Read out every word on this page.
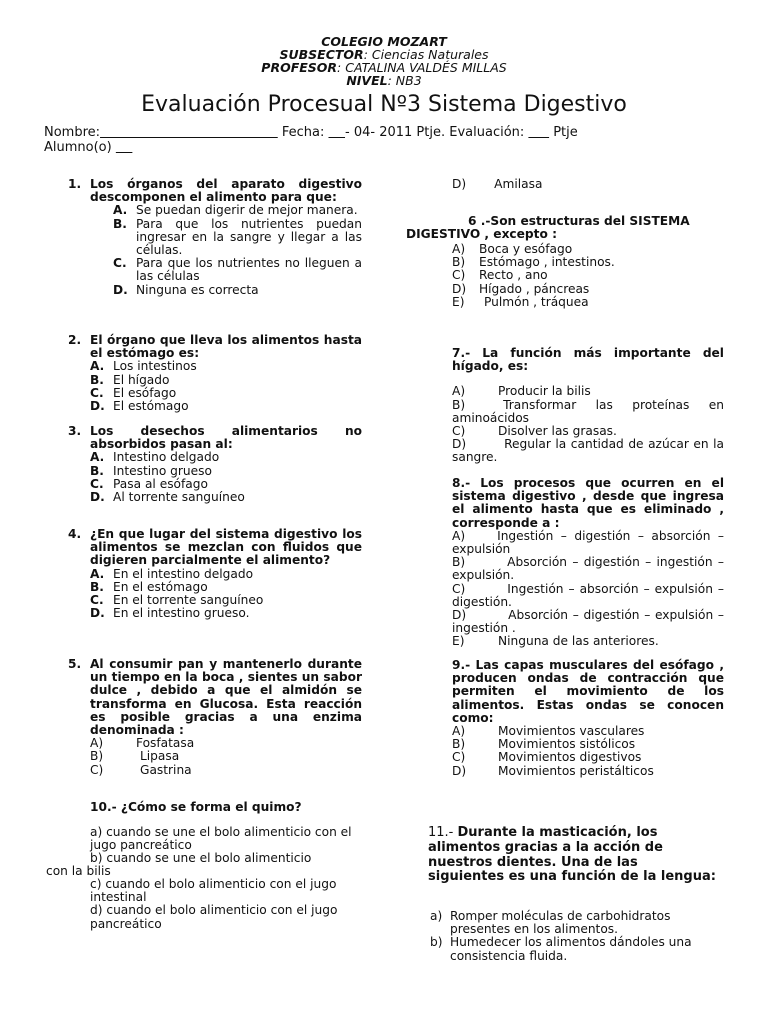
COLEGIO MOZART
SUBSECTOR: Ciencias Naturales
PROFESOR: CATALINA VALDÉS MILLAS
NIVEL: NB3
Evaluación Procesual Nº3 Sistema Digestivo
Nombre:	Fecha:     - 04- 2011 Ptje. Evaluación:       Ptje
Alumno(o)
1. Los órganos del aparato digestivo descomponen el alimento para que:
A. Se puedan digerir de mejor manera.
B. Para que los nutrientes puedan ingresar en la sangre y llegar a las células.
C. Para que los nutrientes no lleguen a las células
D. Ninguna es correcta
2. El órgano que lleva los alimentos hasta el estómago es:
A. Los intestinos
B. El hígado
C. El esófago
D. El estómago
3. Los desechos alimentarios no absorbidos pasan al:
A. Intestino delgado
B. Intestino grueso
C. Pasa al esófago
D. Al torrente sanguíneo
4. ¿En que lugar del sistema digestivo los alimentos se mezclan con fluidos que digieren parcialmente el alimento?
A. En el intestino delgado
B. En el estómago
C. En el torrente sanguíneo
D. En el intestino grueso.
5. Al consumir pan y mantenerlo durante un tiempo en la boca , sientes un sabor dulce , debido a que el almidón se transforma en Glucosa. Esta reacción es posible gracias a una enzima denominada :
A)	Fosfatasa
B)	Lipasa
C)	Gastrina
10.- ¿Cómo se forma el quimo?
a) cuando se une el bolo alimenticio con el jugo pancreático
b) cuando se une el bolo alimenticio
con la bilis
c) cuando el bolo alimenticio con el jugo intestinal
d) cuando el bolo alimenticio con el jugo pancreático
D) Amilasa
6 .-Son estructuras del SISTEMA
DIGESTIVO , excepto :
A) Boca y esófago
B) Estómago , intestinos.
C) Recto , ano
D) Hígado , páncreas
E) Pulmón , tráquea
7.- La función más importante del hígado, es:
A)	Producir la bilis
B)	Transformar las proteínas en aminoácidos
C)	Disolver las grasas.
D)	Regular la cantidad de azúcar en la sangre.
8.- Los procesos que ocurren en el sistema digestivo , desde que ingresa el alimento hasta que es eliminado , corresponde a :
A)	Ingestión – digestión – absorción – expulsión
B)	Absorción – digestión – ingestión – expulsión.
C)	Ingestión – absorción – expulsión – digestión.
D)	Absorción – digestión – expulsión – ingestión .
E)	Ninguna de las anteriores.
9.- Las capas musculares del esófago , producen ondas de contracción que permiten el movimiento de los alimentos. Estas ondas se conocen como:
A)	Movimientos vasculares
B)	Movimientos sistólicos
C)	Movimientos digestivos
D)	Movimientos peristálticos
11.- Durante la masticación, los alimentos gracias a la acción de nuestros dientes. Una de las siguientes es una función de la lengua:
a) Romper moléculas de carbohidratos presentes en los alimentos.
b) Humedecer los alimentos dándoles una consistencia fluida.
